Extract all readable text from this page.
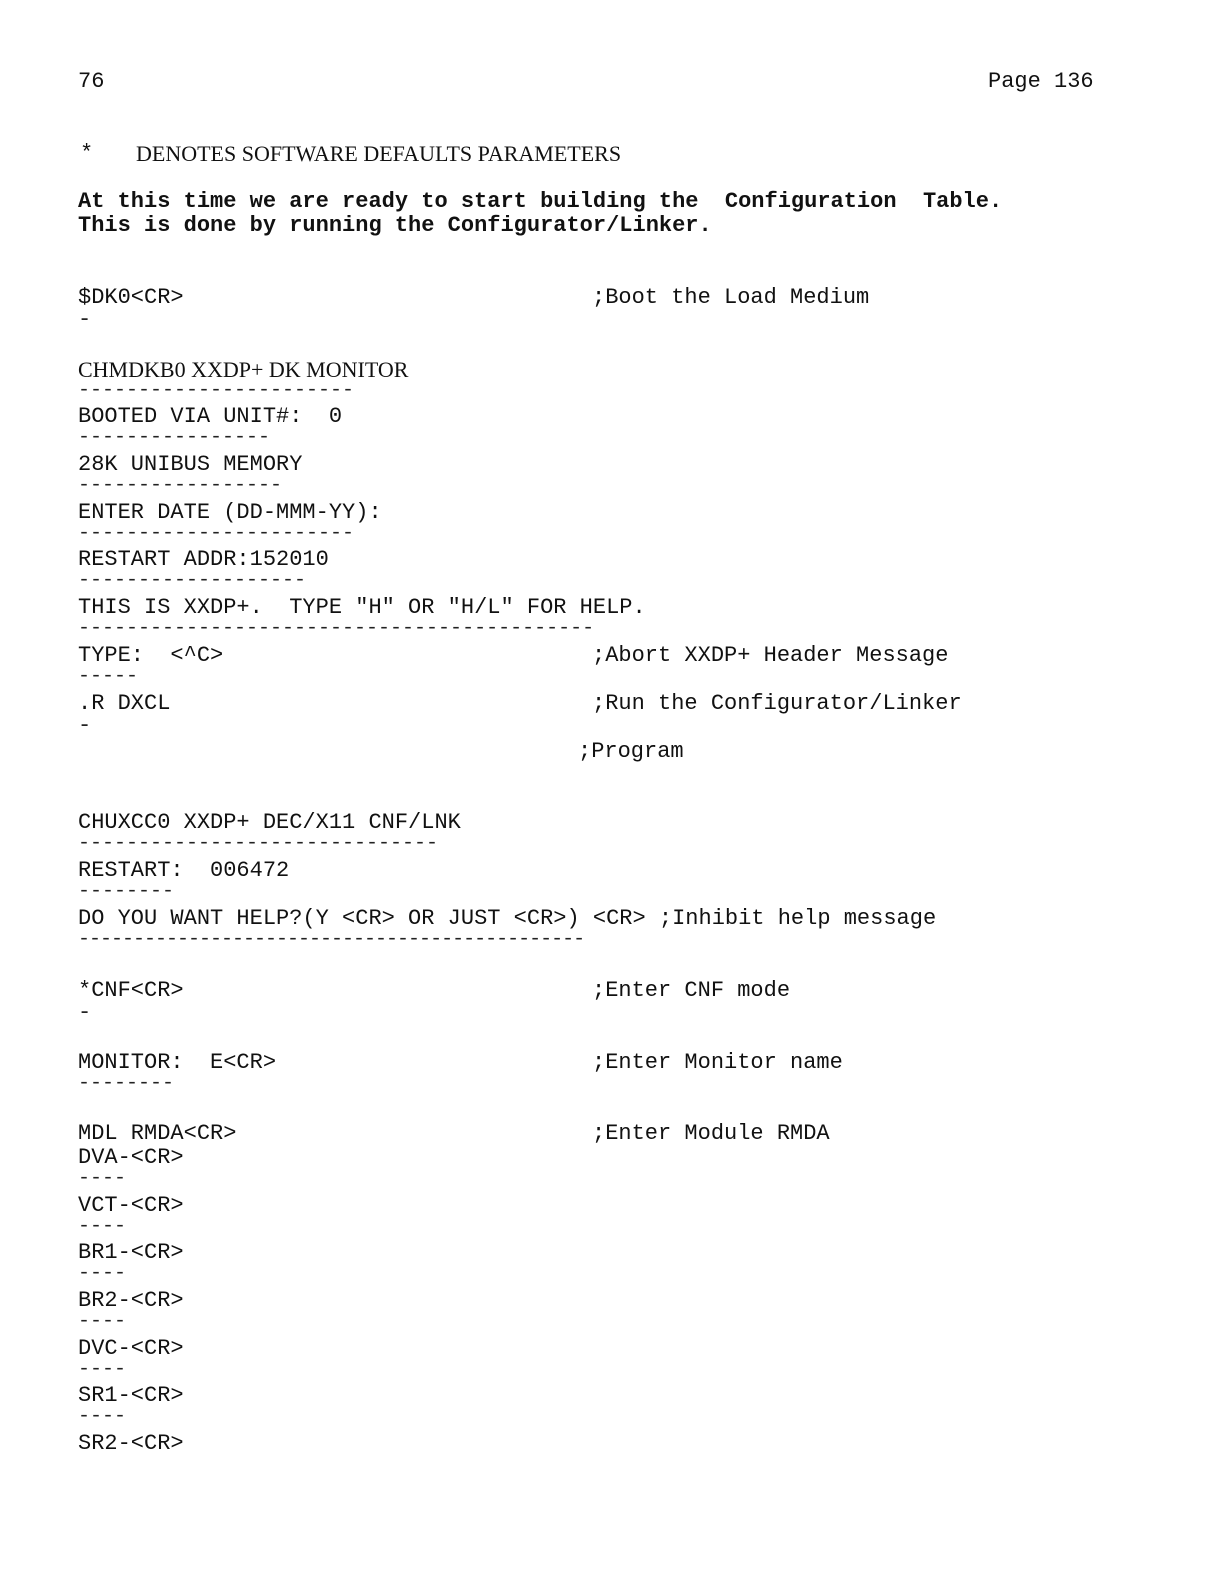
76	Page 136
* DENOTES SOFTWARE DEFAULTS PARAMETERS
At this time we are ready to start building the  Configuration  Table.
This is done by running the Configurator/Linker.
$DK0<CR>	;Boot the Load Medium
-
CHMDKB0 XXDP+ DK MONITOR
-----------------------
BOOTED VIA UNIT#:  0
----------------
28K UNIBUS MEMORY
-----------------
ENTER DATE (DD-MMM-YY):
-----------------------
RESTART ADDR:152010
-------------------
THIS IS XXDP+.  TYPE "H" OR "H/L" FOR HELP.
-------------------------------------------
TYPE:  <^C>	;Abort XXDP+ Header Message
-----
.R DXCL	;Run the Configurator/Linker
-
;Program
CHUXCC0 XXDP+ DEC/X11 CNF/LNK
------------------------------
RESTART:  006472
--------
DO YOU WANT HELP?(Y <CR> OR JUST <CR>) <CR> ;Inhibit help message
----------------------------------------------
*CNF<CR>	;Enter CNF mode
-
MONITOR:  E<CR>	;Enter Monitor name
--------
MDL RMDA<CR>	;Enter Module RMDA
DVA-<CR>
----
VCT-<CR>
----
BR1-<CR>
----
BR2-<CR>
----
DVC-<CR>
----
SR1-<CR>
----
SR2-<CR>
